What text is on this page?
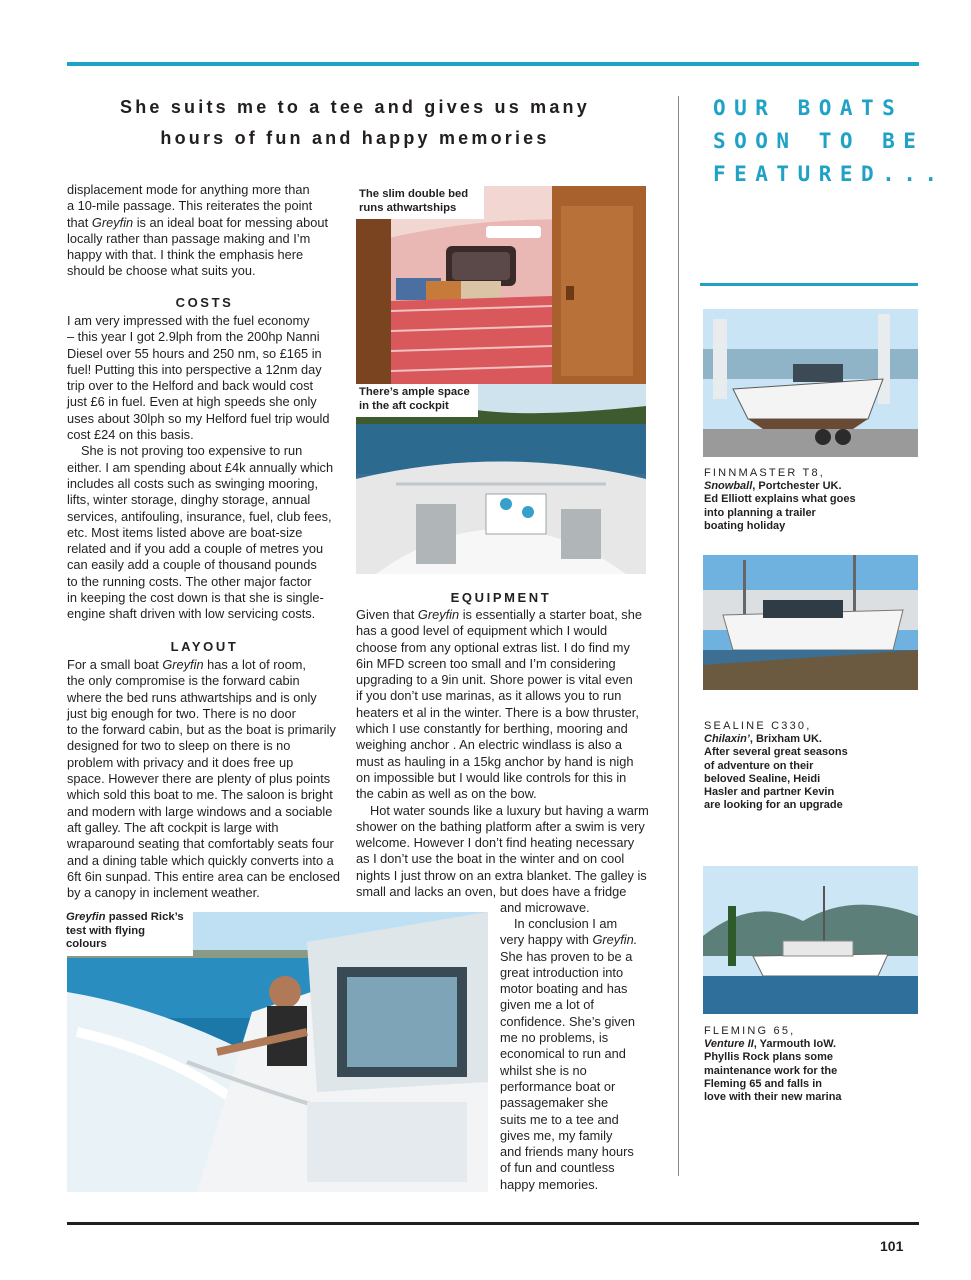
She suits me to a tee and gives us many
hours of fun and happy memories

displacement mode for anything more than

a 10-mile passage. This reiterates the point

that Greyfin is an ideal boat for messing about

locally rather than passage making and I’m

happy with that. I think the emphasis here

should be choose what suits you.

COSTS

I am very impressed with the fuel economy

– this year I got 2.9lph from the 200hp Nanni

Diesel over 55 hours and 250 nm, so £165 in

fuel! Putting this into perspective a 12nm day

trip over to the Helford and back would cost

just £6 in fuel. Even at high speeds she only

uses about 30lph so my Helford fuel trip would

cost £24 on this basis.

She is not proving too expensive to run

either. I am spending about £4k annually which

includes all costs such as swinging mooring,

lifts, winter storage, dinghy storage, annual

services, antifouling, insurance, fuel, club fees,

etc. Most items listed above are boat-size

related and if you add a couple of metres you

can easily add a couple of thousand pounds

to the running costs. The other major factor

in keeping the cost down is that she is single-

engine shaft driven with low servicing costs.

LAYOUT

For a small boat Greyfin has a lot of room,

the only compromise is the forward cabin

where the bed runs athwartships and is only

just big enough for two. There is no door

to the forward cabin, but as the boat is primarily

designed for two to sleep on there is no

problem with privacy and it does free up

space. However there are plenty of plus points

which sold this boat to me. The saloon is bright

and modern with large windows and a sociable

aft galley. The aft cockpit is large with

wraparound seating that comfortably seats four

and a dining table which quickly converts into a

6ft 6in sunpad. This entire area can be enclosed

by a canopy in inclement weather.

The slim double bed
runs athwartships
There’s ample space
in the aft cockpit
EQUIPMENT

Given that Greyfin is essentially a starter boat, she

has a good level of equipment which I would

choose from any optional extras list. I do find my

6in MFD screen too small and I’m considering

upgrading to a 9in unit. Shore power is vital even

if you don’t use marinas, as it allows you to run

heaters et al in the winter. There is a bow thruster,

which I use constantly for berthing, mooring and

weighing anchor . An electric windlass is also a

must as hauling in a 15kg anchor by hand is nigh

on impossible but I would like controls for this in

the cabin as well as on the bow.

Hot water sounds like a luxury but having a warm

shower on the bathing platform after a swim is very

welcome. However I don’t find heating necessary

as I don’t use the boat in the winter and on cool

nights I just throw on an extra blanket. The galley is

small and lacks an oven, but does have a fridge

and microwave.

In conclusion I am

very happy with Greyfin.

She has proven to be a

great introduction into

motor boating and has

given me a lot of

confidence. She’s given

me no problems, is

economical to run and

whilst she is no

performance boat or

passagemaker she

suits me to a tee and

gives me, my family

and friends many hours

of fun and countless

happy memories.

Greyfin passed Rick’s
test with flying colours
OUR BOATS
SOON TO BE
FEATURED...
FINNMASTER T8,
Snowball, Portchester UK.
Ed Elliott explains what goes
into planning a trailer
boating holiday
SEALINE C330,
Chilaxin’, Brixham UK.
After several great seasons
of adventure on their
beloved Sealine, Heidi
Hasler and partner Kevin
are looking for an upgrade
FLEMING 65,
Venture II, Yarmouth IoW.
Phyllis Rock plans some
maintenance work for the
Fleming 65 and falls in
love with their new marina
101
